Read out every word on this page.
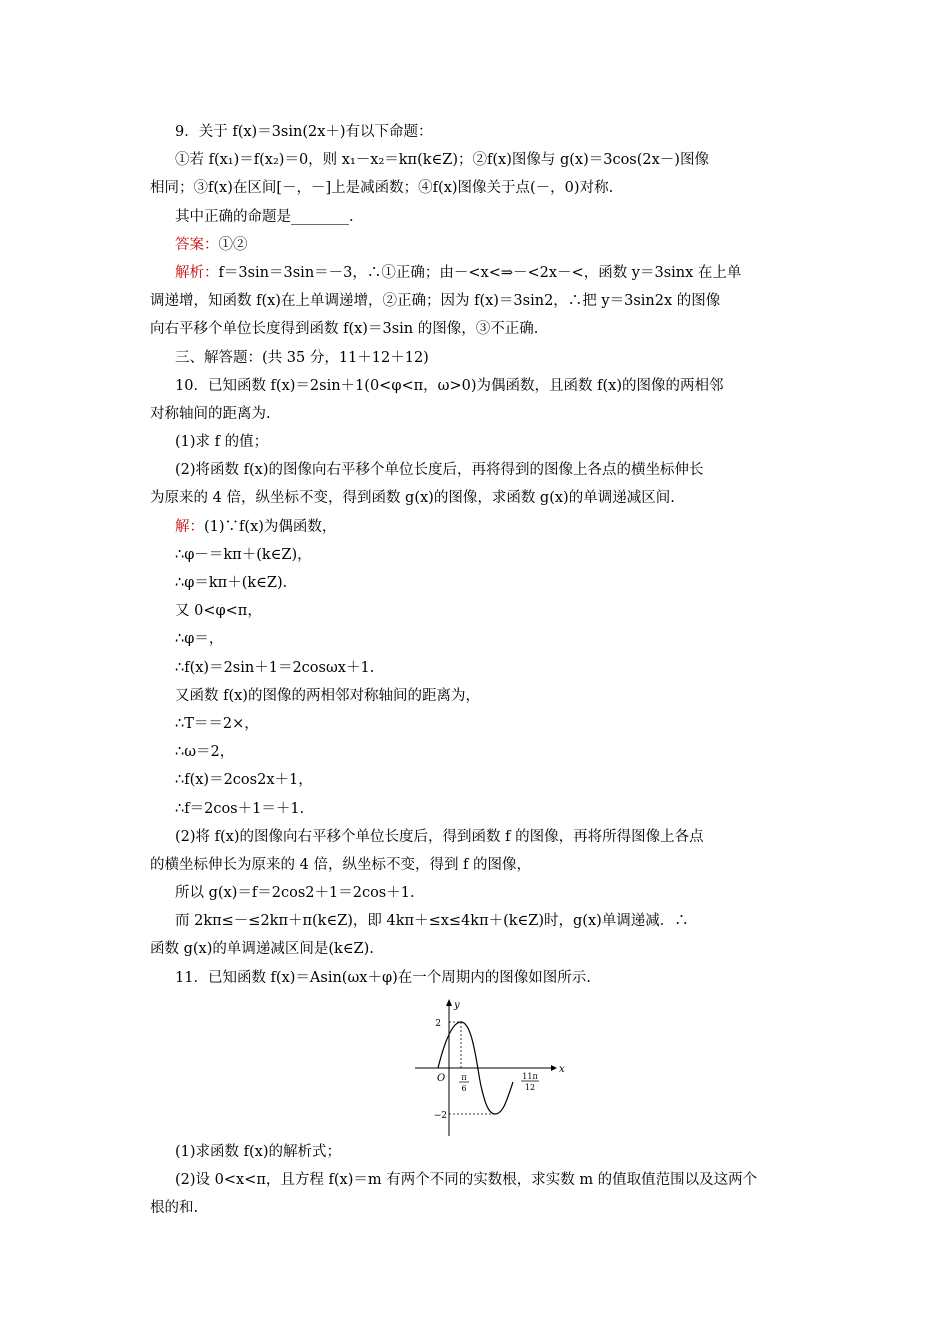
9．关于 f(x)＝3sin(2x＋)有以下命题：
①若 f(x₁)＝f(x₂)＝0，则 x₁－x₂＝kπ(k∈Z)；②f(x)图像与 g(x)＝3cos(2x－)图像
相同；③f(x)在区间[－，－]上是减函数；④f(x)图像关于点(－，0)对称.
其中正确的命题是________.
答案：①②
解析：f＝3sin＝3sin＝－3，∴①正确；由－<x<⇒－<2x－<，函数 y＝3sinx 在上单
调递增，知函数 f(x)在上单调递增，②正确；因为 f(x)＝3sin2，∴把 y＝3sin2x 的图像
向右平移个单位长度得到函数 f(x)＝3sin 的图像，③不正确.
三、解答题：(共 35 分，11＋12＋12)
10．已知函数 f(x)＝2sin＋1(0<φ<π，ω>0)为偶函数，且函数 f(x)的图像的两相邻
对称轴间的距离为.
(1)求 f 的值；
(2)将函数 f(x)的图像向右平移个单位长度后，再将得到的图像上各点的横坐标伸长
为原来的 4 倍，纵坐标不变，得到函数 g(x)的图像，求函数 g(x)的单调递减区间.
解：(1)∵f(x)为偶函数，
∴φ－＝kπ＋(k∈Z)，
∴φ＝kπ＋(k∈Z).
又 0<φ<π，
∴φ＝，
∴f(x)＝2sin＋1＝2cosωx＋1.
又函数 f(x)的图像的两相邻对称轴间的距离为，
∴T＝＝2×，
∴ω＝2，
∴f(x)＝2cos2x＋1，
∴f＝2cos＋1＝＋1.
(2)将 f(x)的图像向右平移个单位长度后，得到函数 f 的图像，再将所得图像上各点
的横坐标伸长为原来的 4 倍，纵坐标不变，得到 f 的图像，
所以 g(x)＝f＝2cos2＋1＝2cos＋1.
而 2kπ≤－≤2kπ＋π(k∈Z)，即 4kπ＋≤x≤4kπ＋(k∈Z)时，g(x)单调递减．∴
函数 g(x)的单调递减区间是(k∈Z).
11．已知函数 f(x)＝Asin(ωx＋φ)在一个周期内的图像如图所示.
y
x
O
2
−2
π
6
11π
12
(1)求函数 f(x)的解析式；
(2)设 0<x<π，且方程 f(x)＝m 有两个不同的实数根，求实数 m 的值取值范围以及这两个
根的和.
